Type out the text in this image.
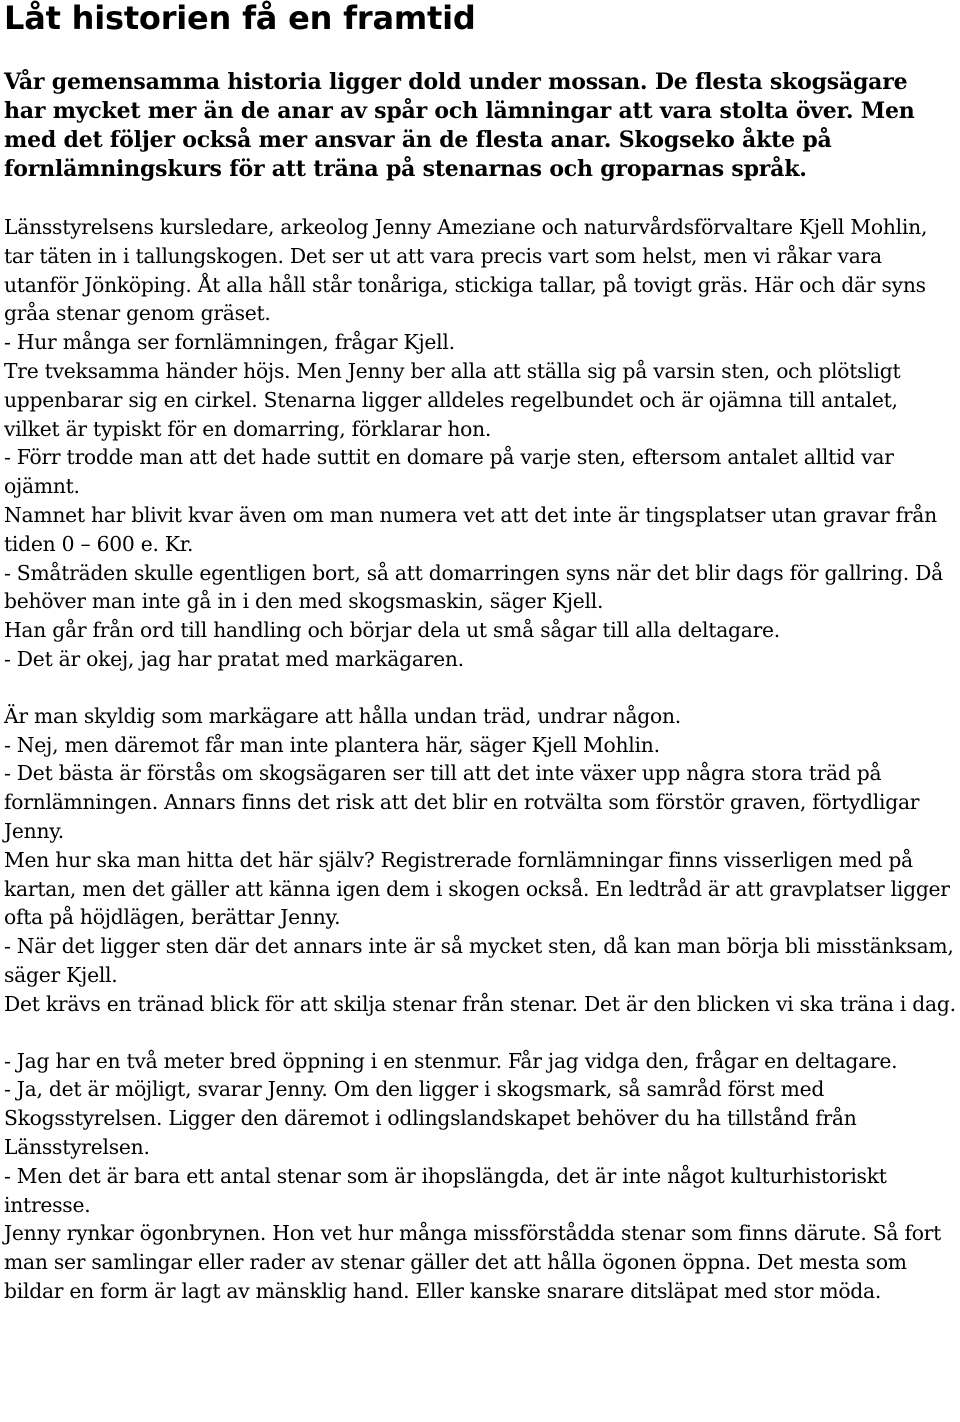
Låt historien få en framtid

Vår gemensamma historia ligger dold under mossan. De flesta skogsägare har mycket mer än de anar av spår och lämningar att vara stolta över. Men med det följer också mer ansvar än de flesta anar. Skogseko åkte på fornlämningskurs för att träna på stenarnas och groparnas språk.

Länsstyrelsens kursledare, arkeolog Jenny Ameziane och naturvårdsförvaltare Kjell Mohlin, tar täten in i tallungskogen. Det ser ut att vara precis vart som helst, men vi råkar vara utanför Jönköping. Åt alla håll står tonåriga, stickiga tallar, på tovigt gräs. Här och där syns gråa stenar genom gräset.

- Hur många ser fornlämningen, frågar Kjell.

Tre tveksamma händer höjs. Men Jenny ber alla att ställa sig på varsin sten, och plötsligt uppenbarar sig en cirkel. Stenarna ligger alldeles regelbundet och är ojämna till antalet, vilket är typiskt för en domarring, förklarar hon.

- Förr trodde man att det hade suttit en domare på varje sten, eftersom antalet alltid var ojämnt.

Namnet har blivit kvar även om man numera vet att det inte är tingsplatser utan gravar från tiden 0 – 600 e. Kr.

- Småträden skulle egentligen bort, så att domarringen syns när det blir dags för gallring. Då behöver man inte gå in i den med skogsmaskin, säger Kjell.

Han går från ord till handling och börjar dela ut små sågar till alla deltagare.

- Det är okej, jag har pratat med markägaren.

Är man skyldig som markägare att hålla undan träd, undrar någon.

- Nej, men däremot får man inte plantera här, säger Kjell Mohlin.

- Det bästa är förstås om skogsägaren ser till att det inte växer upp några stora träd på fornlämningen. Annars finns det risk att det blir en rotvälta som förstör graven, förtydligar Jenny.

Men hur ska man hitta det här själv? Registrerade fornlämningar finns visserligen med på kartan, men det gäller att känna igen dem i skogen också. En ledtråd är att gravplatser ligger ofta på höjdlägen, berättar Jenny.

- När det ligger sten där det annars inte är så mycket sten, då kan man börja bli misstänksam, säger Kjell.

Det krävs en tränad blick för att skilja stenar från stenar. Det är den blicken vi ska träna i dag.

- Jag har en två meter bred öppning i en stenmur. Får jag vidga den, frågar en deltagare.

- Ja, det är möjligt, svarar Jenny. Om den ligger i skogsmark, så samråd först med Skogsstyrelsen. Ligger den däremot i odlingslandskapet behöver du ha tillstånd från Länsstyrelsen.

- Men det är bara ett antal stenar som är ihopslängda, det är inte något kulturhistoriskt intresse.

Jenny rynkar ögonbrynen. Hon vet hur många missförstådda stenar som finns därute. Så fort man ser samlingar eller rader av stenar gäller det att hålla ögonen öppna. Det mesta som bildar en form är lagt av mänsklig hand. Eller kanske snarare ditsläpat med stor möda.
